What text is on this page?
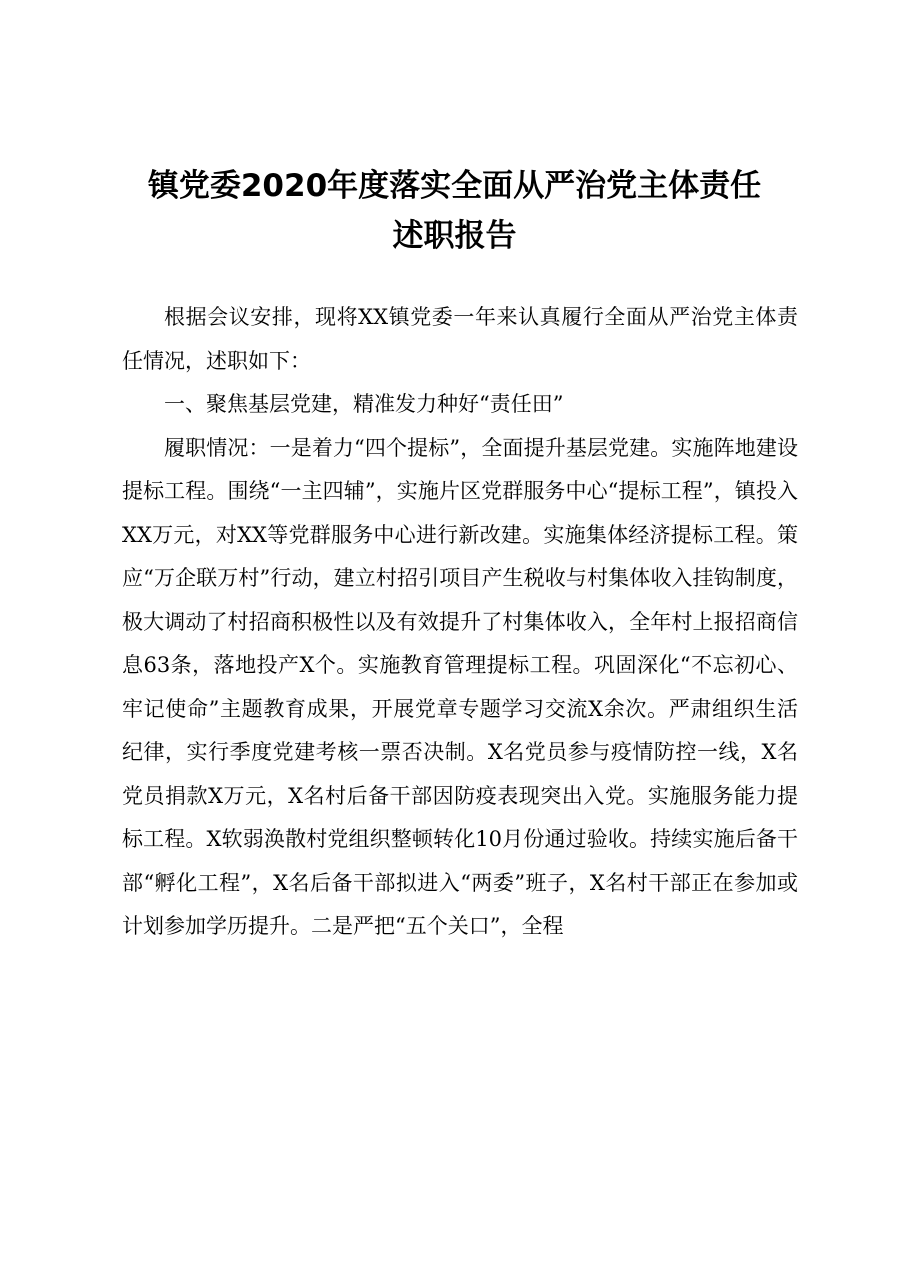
镇党委2020年度落实全面从严治党主体责任
述职报告

根据会议安排，现将XX镇党委一年来认真履行全面从严治党主体责任情况，述职如下：

一、聚焦基层党建，精准发力种好“责任田”

履职情况：一是着力“四个提标”，全面提升基层党建。实施阵地建设提标工程。围绕“一主四辅”，实施片区党群服务中心“提标工程”，镇投入XX万元，对XX等党群服务中心进行新改建。实施集体经济提标工程。策应“万企联万村”行动，建立村招引项目产生税收与村集体收入挂钩制度，极大调动了村招商积极性以及有效提升了村集体收入，全年村上报招商信息63条，落地投产X个。实施教育管理提标工程。巩固深化“不忘初心、牢记使命”主题教育成果，开展党章专题学习交流X余次。严肃组织生活纪律，实行季度党建考核一票否决制。X名党员参与疫情防控一线，X名党员捐款X万元，X名村后备干部因防疫表现突出入党。实施服务能力提标工程。X软弱涣散村党组织整顿转化10月份通过验收。持续实施后备干部“孵化工程”，X名后备干部拟进入“两委”班子，X名村干部正在参加或计划参加学历提升。二是严把“五个关口”，全程
